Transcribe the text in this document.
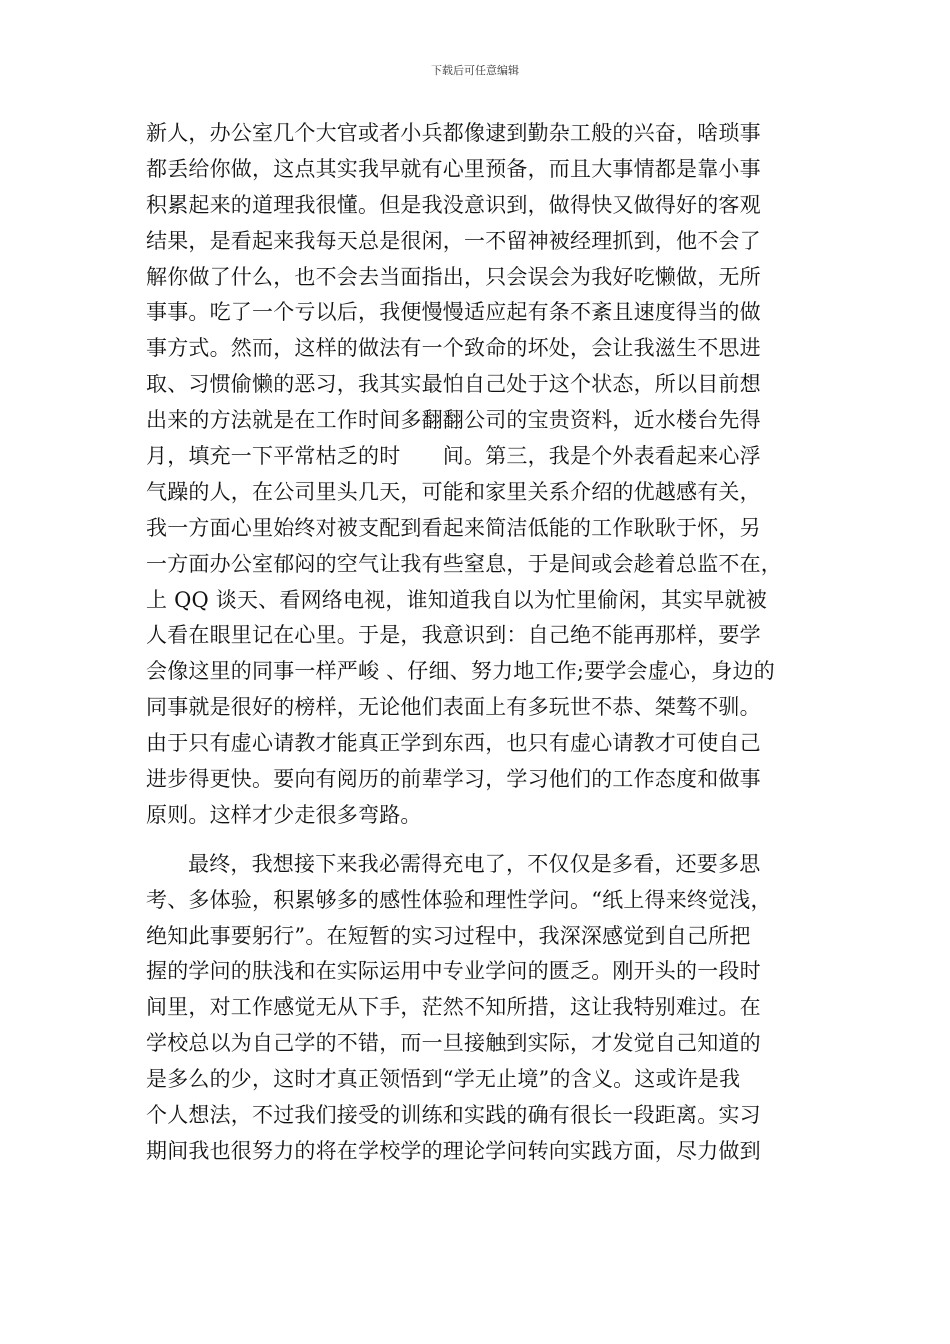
下载后可任意编辑
新人，办公室几个大官或者小兵都像逮到勤杂工般的兴奋，啥琐事
都丢给你做，这点其实我早就有心里预备，而且大事情都是靠小事
积累起来的道理我很懂。但是我没意识到，做得快又做得好的客观
结果，是看起来我每天总是很闲，一不留神被经理抓到，他不会了
解你做了什么，也不会去当面指出，只会误会为我好吃懒做，无所
事事。吃了一个亏以后，我便慢慢适应起有条不紊且速度得当的做
事方式。然而，这样的做法有一个致命的坏处，会让我滋生不思进
取、习惯偷懒的恶习，我其实最怕自己处于这个状态，所以目前想
出来的方法就是在工作时间多翻翻公司的宝贵资料，近水楼台先得
月，填充一下平常枯乏的时　　间。第三，我是个外表看起来心浮
气躁的人，在公司里头几天，可能和家里关系介绍的优越感有关，
我一方面心里始终对被支配到看起来简洁低能的工作耿耿于怀，另
一方面办公室郁闷的空气让我有些窒息，于是间或会趁着总监不在，
上 QQ 谈天、看网络电视，谁知道我自以为忙里偷闲，其实早就被
人看在眼里记在心里。于是，我意识到：自己绝不能再那样，要学
会像这里的同事一样严峻 、仔细、努力地工作;要学会虚心，身边的
同事就是很好的榜样，无论他们表面上有多玩世不恭、桀骜不驯。
由于只有虚心请教才能真正学到东西，也只有虚心请教才可使自己
进步得更快。要向有阅历的前辈学习，学习他们的工作态度和做事
原则。这样才少走很多弯路。
最终，我想接下来我必需得充电了，不仅仅是多看，还要多思
考、多体验，积累够多的感性体验和理性学问。“纸上得来终觉浅，
绝知此事要躬行”。在短暂的实习过程中，我深深感觉到自己所把
握的学问的肤浅和在实际运用中专业学问的匮乏。刚开头的一段时
间里，对工作感觉无从下手，茫然不知所措，这让我特别难过。在
学校总以为自己学的不错，而一旦接触到实际，才发觉自己知道的
是多么的少，这时才真正领悟到“学无止境”的含义。这或许是我
个人想法，不过我们接受的训练和实践的确有很长一段距离。实习
期间我也很努力的将在学校学的理论学问转向实践方面，尽力做到
